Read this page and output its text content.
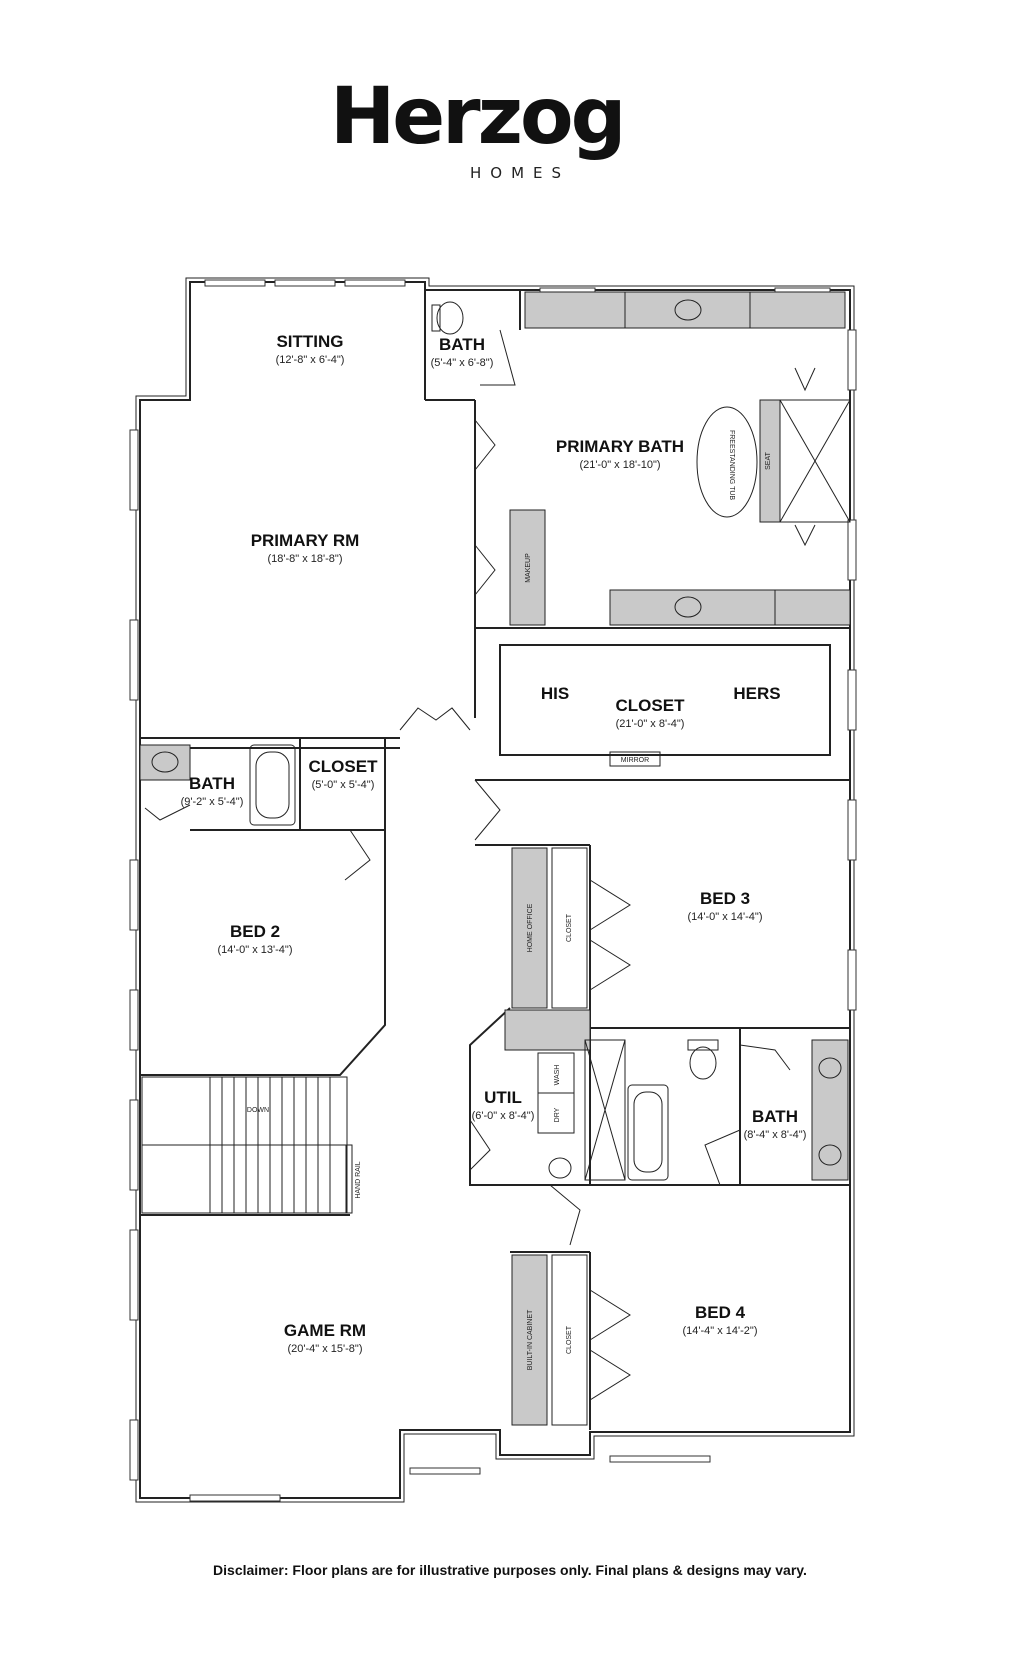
Herzog
HOMES
SITTING
(12'-8" x 6'-4")
BATH
(5'-4" x 6'-8")
PRIMARY BATH
(21'-0" x 18'-10")
PRIMARY RM
(18'-8" x 18'-8")
HIS	HERS
CLOSET
(21'-0" x 8'-4")
BATH
(9'-2" x 5'-4")
CLOSET
(5'-0" x 5'-4")
BED 3
(14'-0" x 14'-4")
BED 2
(14'-0" x 13'-4")
UTIL
(6'-0" x 8'-4")	BATH
(8'-4" x 8'-4")
BED 4
(14'-4" x 14'-2")
GAME RM
(20'-4" x 15'-8")
FREESTANDING TUB	SEAT
MAKEUP
MIRROR
HOME OFFICE	CLOSET
WASH
DRY
DOWN
HAND RAIL
BUILT-IN CABINET	CLOSET
Disclaimer: Floor plans are for illustrative purposes only. Final plans & designs may vary.
